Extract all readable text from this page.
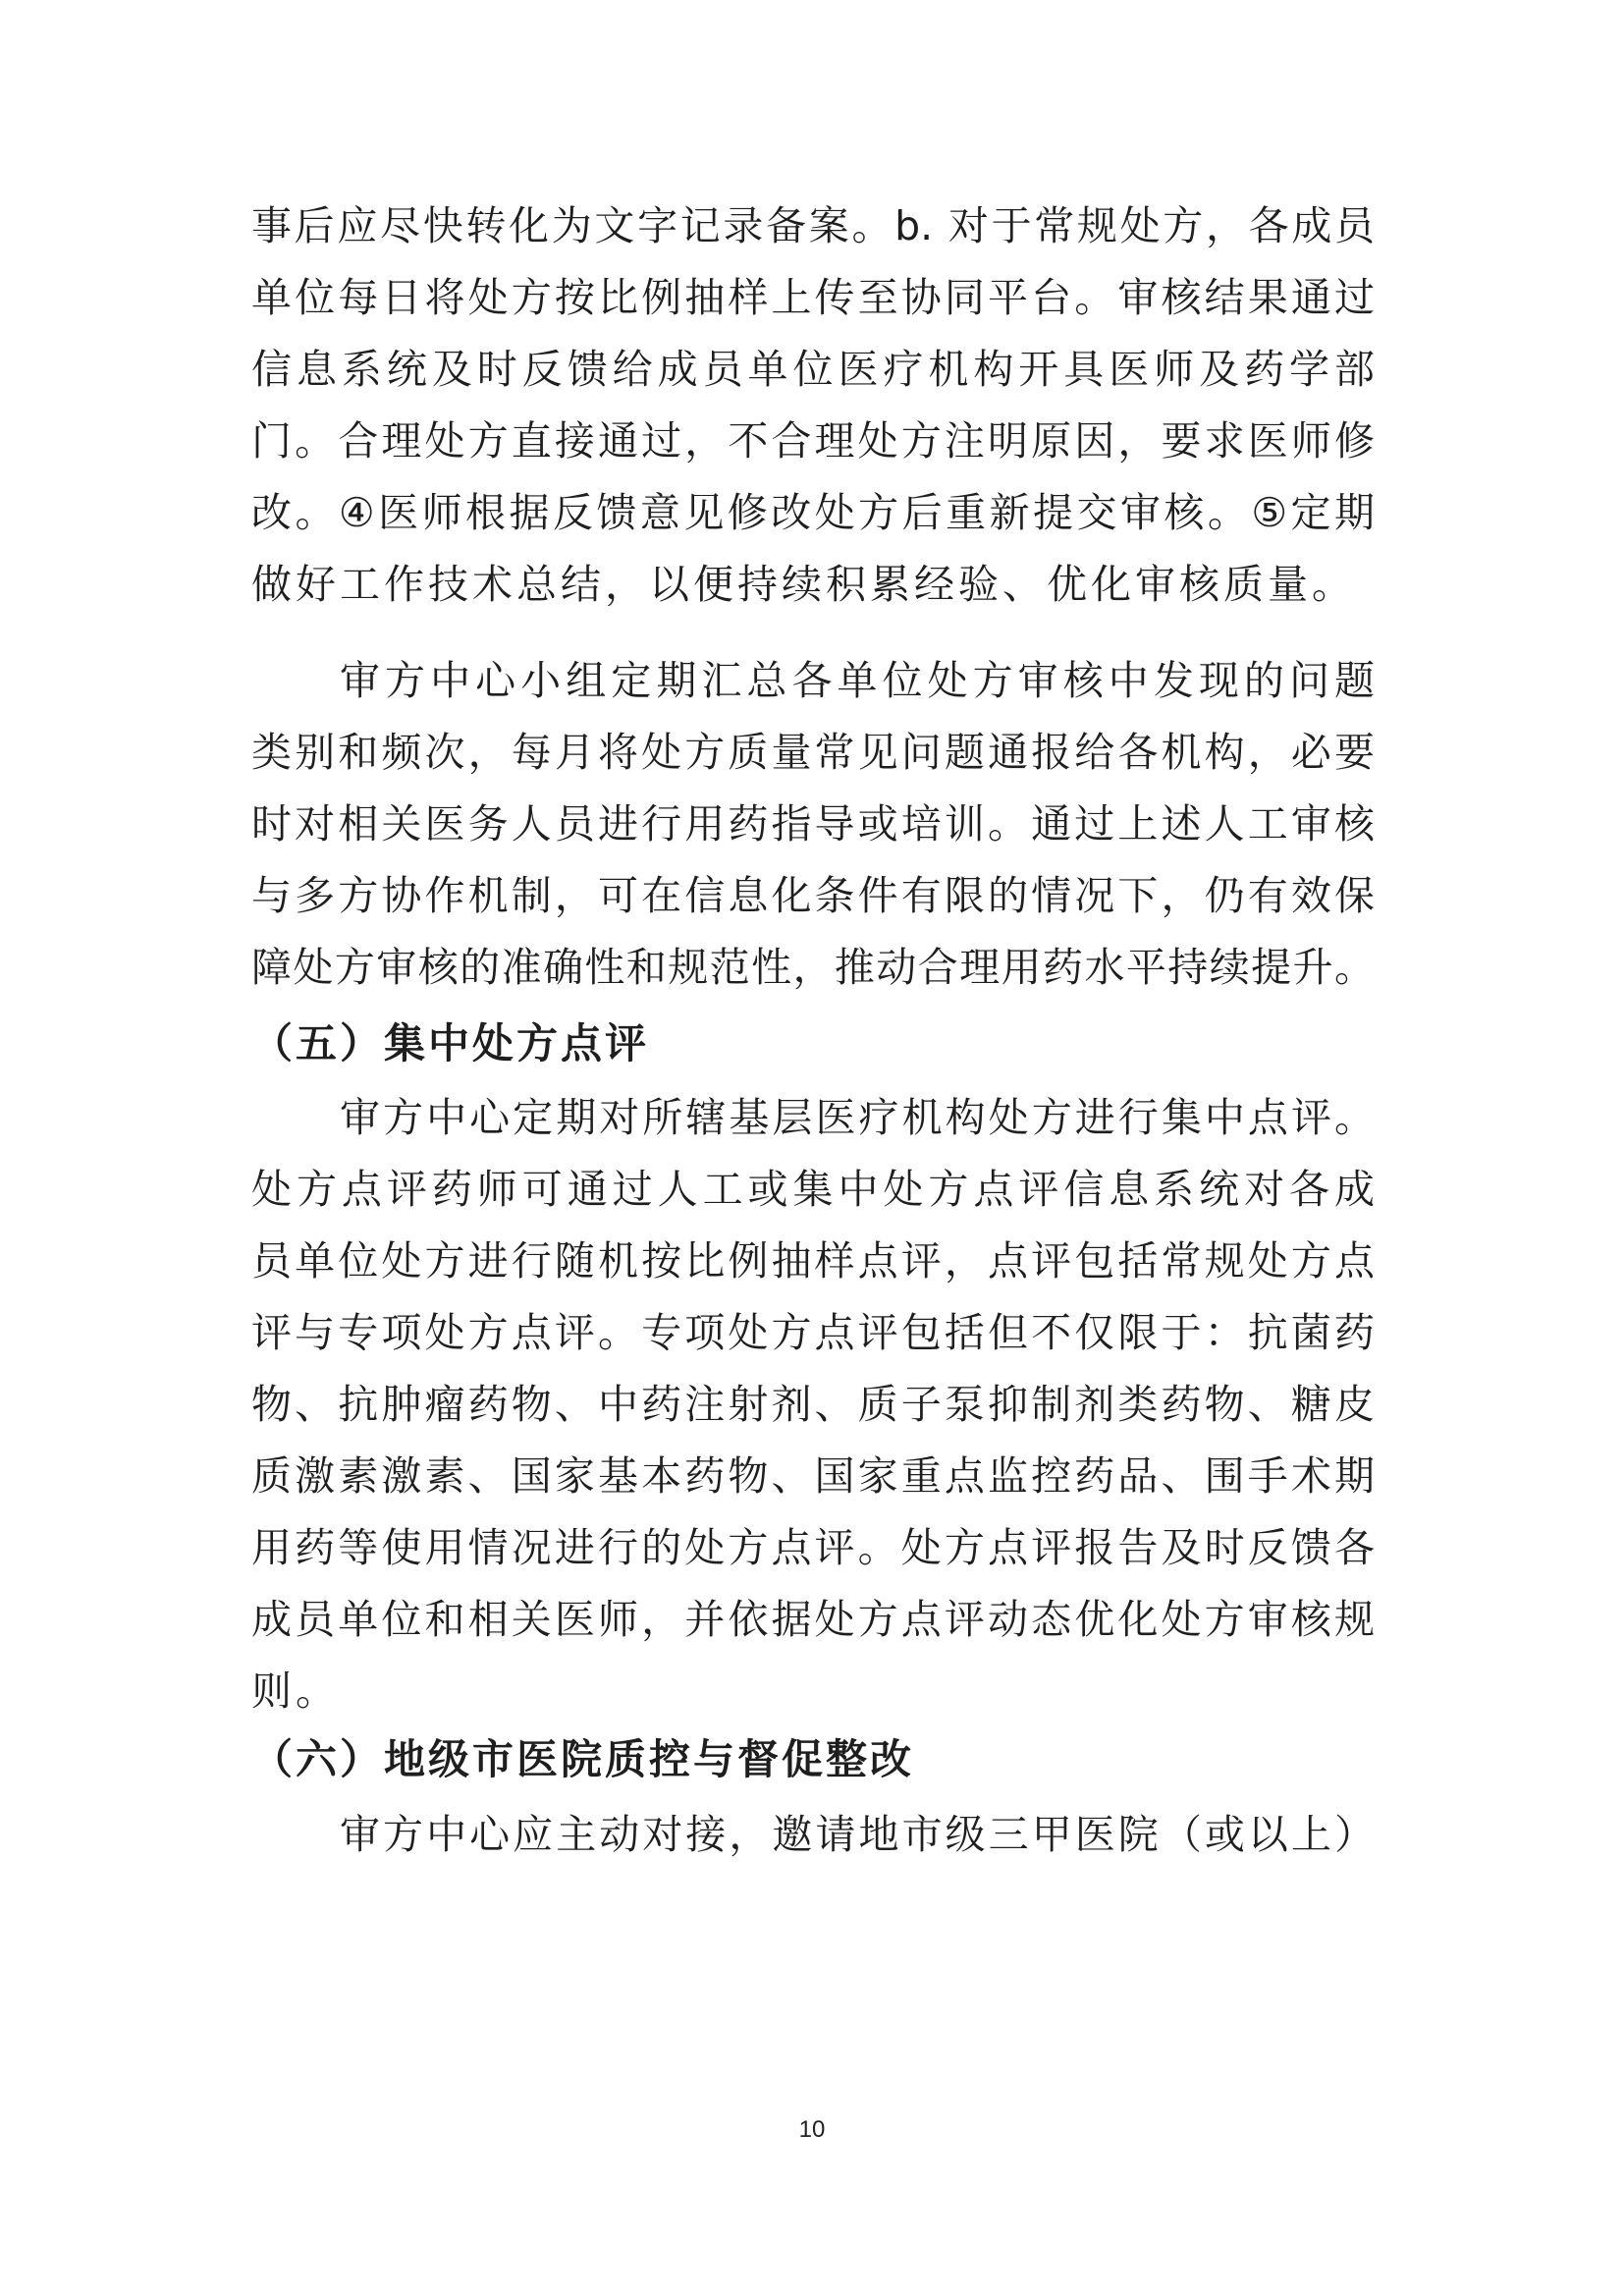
事后应尽快转化为文字记录备案。b. 对于常规处方，各成员
单位每日将处方按比例抽样上传至协同平台。审核结果通过
信息系统及时反馈给成员单位医疗机构开具医师及药学部
门。合理处方直接通过，不合理处方注明原因，要求医师修
改。④医师根据反馈意见修改处方后重新提交审核。⑤定期
做好工作技术总结，以便持续积累经验、优化审核质量。
审方中心小组定期汇总各单位处方审核中发现的问题
类别和频次，每月将处方质量常见问题通报给各机构，必要
时对相关医务人员进行用药指导或培训。通过上述人工审核
与多方协作机制，可在信息化条件有限的情况下，仍有效保
障处方审核的准确性和规范性，推动合理用药水平持续提升。
（五）集中处方点评
审方中心定期对所辖基层医疗机构处方进行集中点评。
处方点评药师可通过人工或集中处方点评信息系统对各成
员单位处方进行随机按比例抽样点评，点评包括常规处方点
评与专项处方点评。专项处方点评包括但不仅限于：抗菌药
物、抗肿瘤药物、中药注射剂、质子泵抑制剂类药物、糖皮
质激素激素、国家基本药物、国家重点监控药品、围手术期
用药等使用情况进行的处方点评。处方点评报告及时反馈各
成员单位和相关医师，并依据处方点评动态优化处方审核规
则。
（六）地级市医院质控与督促整改
审方中心应主动对接，邀请地市级三甲医院（或以上）
10
